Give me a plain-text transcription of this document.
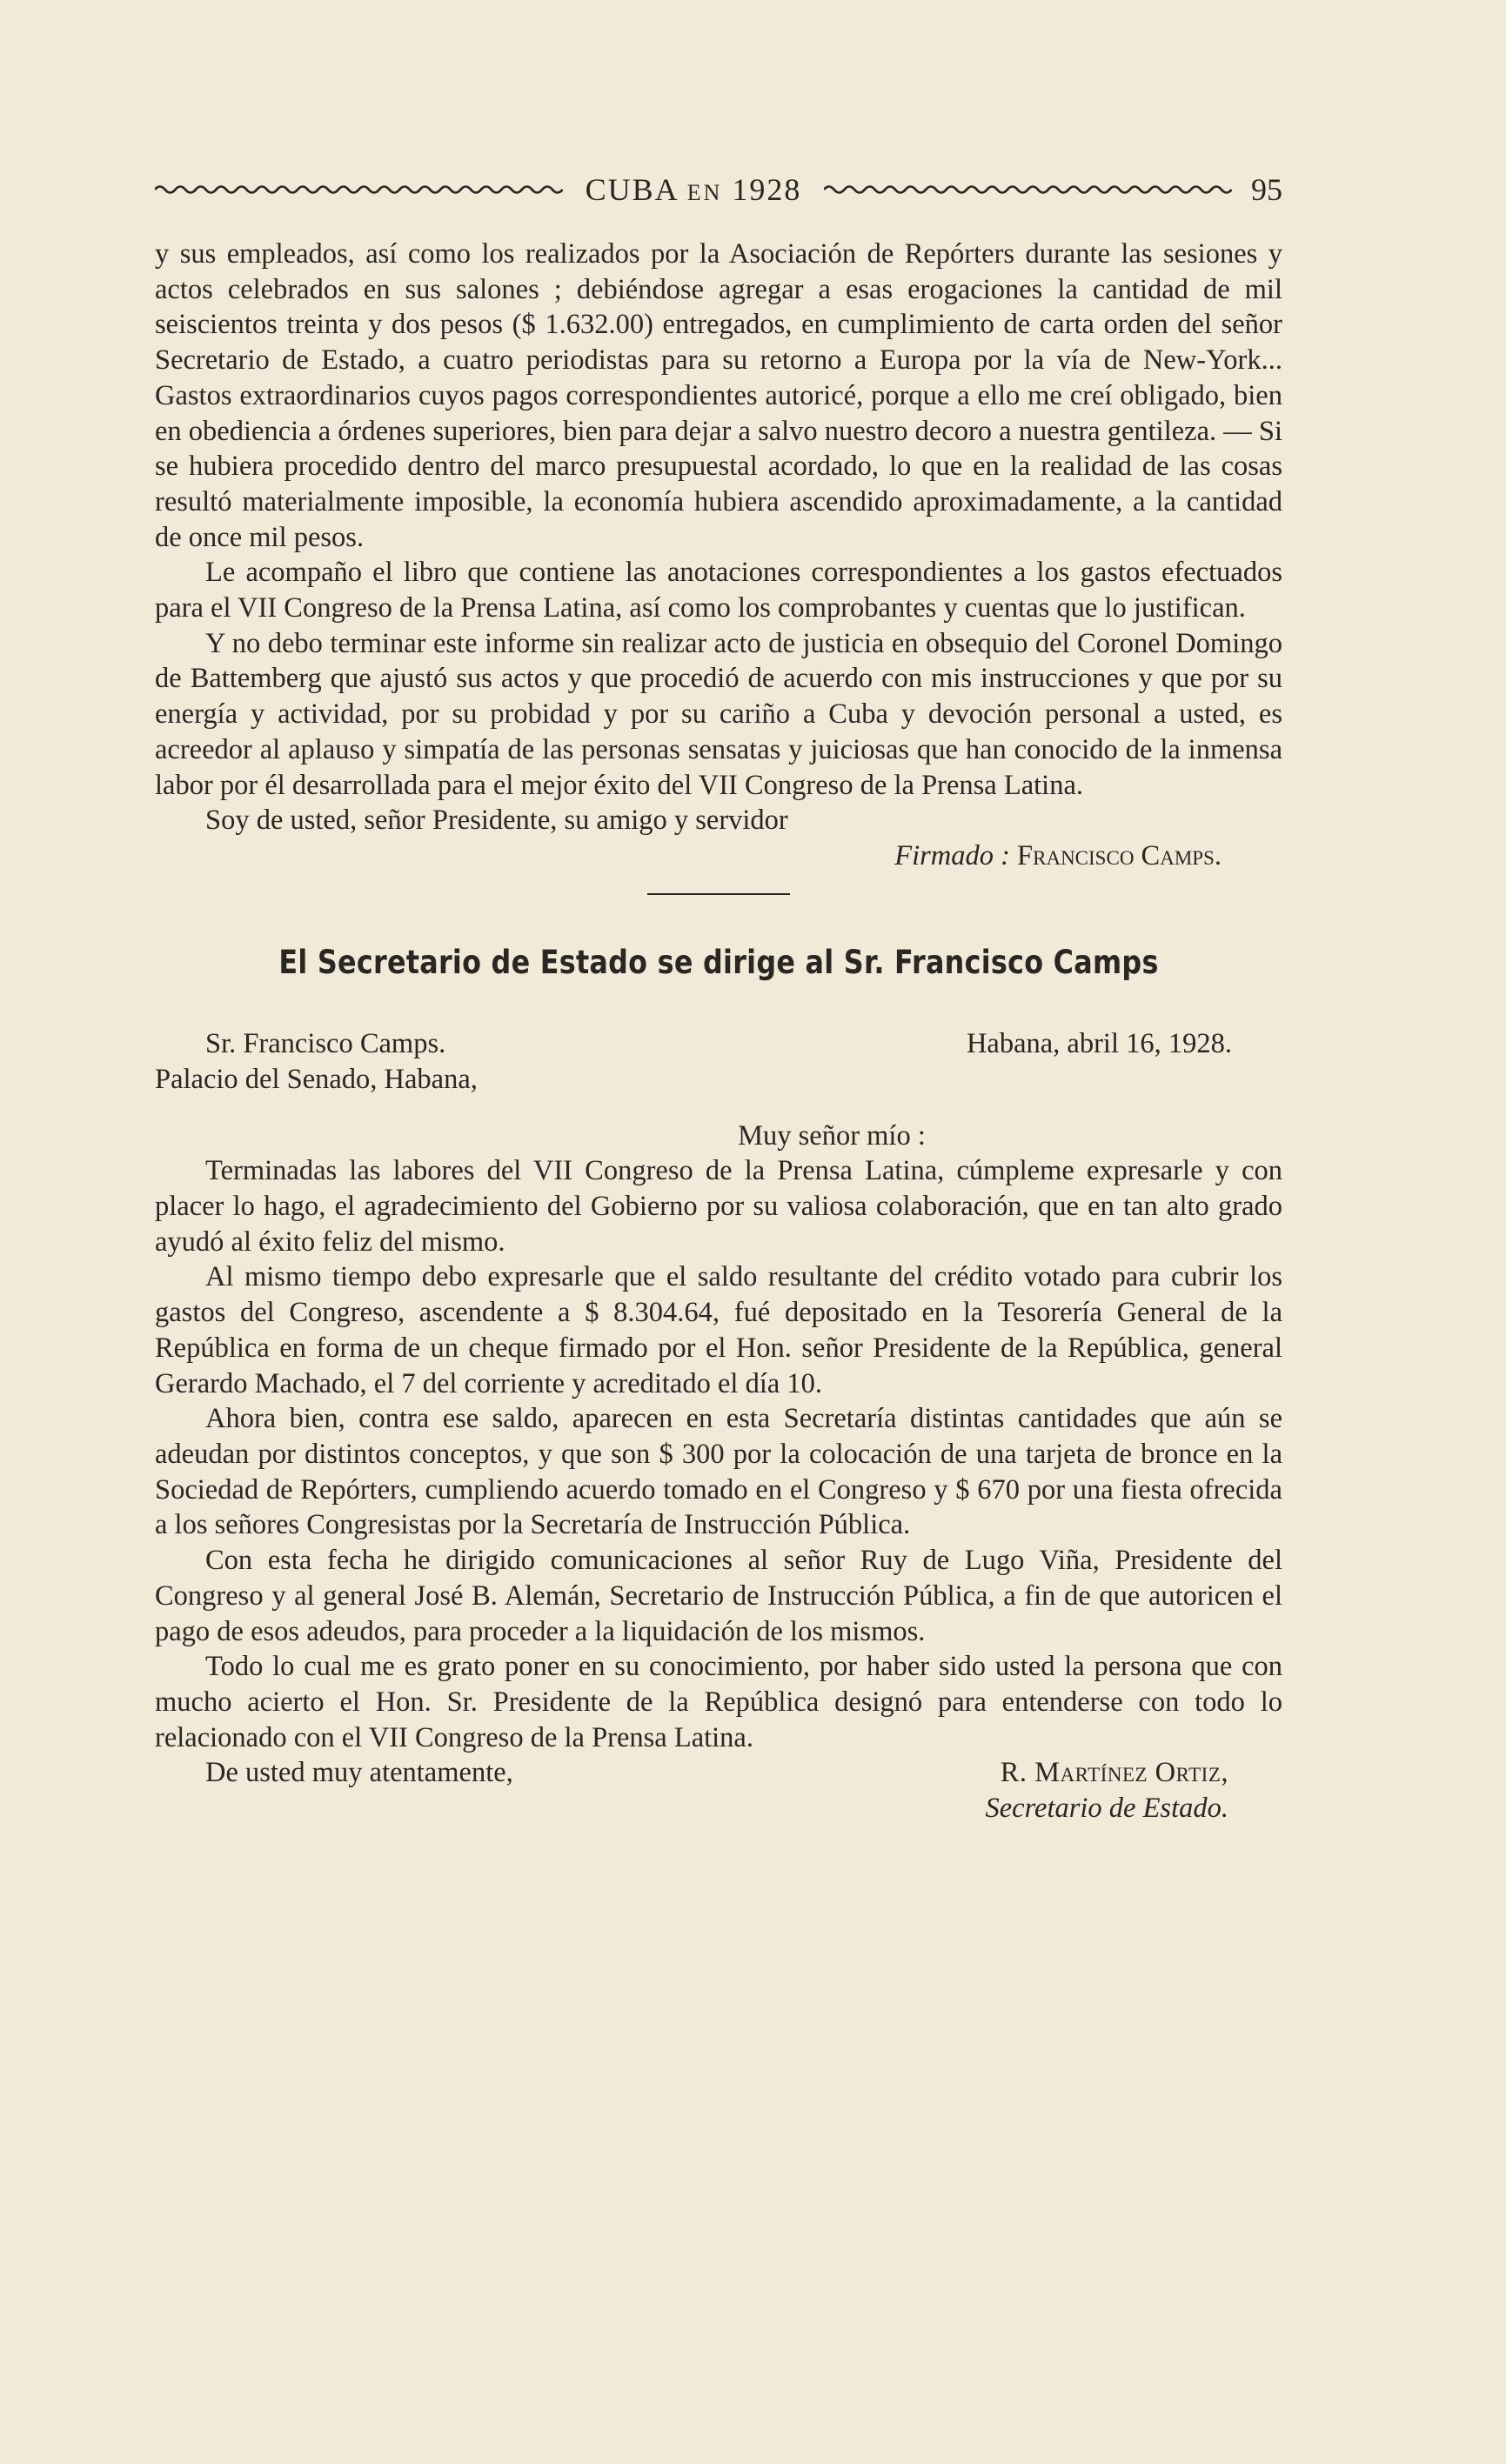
CUBA EN 1928	95

y sus empleados, así como los realizados por la Asociación de Repórters durante las sesiones y actos celebrados en sus salones ; debiéndose agregar a esas erogaciones la cantidad de mil seiscientos treinta y dos pesos ($ 1.632.00) entregados, en cumplimiento de carta orden del señor Secretario de Estado, a cuatro periodistas para su retorno a Europa por la vía de New-York... Gastos extraordinarios cuyos pagos correspondientes autoricé, porque a ello me creí obligado, bien en obediencia a órdenes superiores, bien para dejar a salvo nuestro decoro a nuestra gentileza. — Si se hubiera procedido dentro del marco presupuestal acordado, lo que en la realidad de las cosas resultó materialmente imposible, la economía hubiera ascendido aproximadamente, a la cantidad de once mil pesos.

Le acompaño el libro que contiene las anotaciones correspondientes a los gastos efectuados para el VII Congreso de la Prensa Latina, así como los comprobantes y cuentas que lo justifican.

Y no debo terminar este informe sin realizar acto de justicia en obsequio del Coronel Domingo de Battemberg que ajustó sus actos y que procedió de acuerdo con mis instrucciones y que por su energía y actividad, por su probidad y por su cariño a Cuba y devoción personal a usted, es acreedor al aplauso y simpatía de las personas sensatas y juiciosas que han conocido de la inmensa labor por él desarrollada para el mejor éxito del VII Congreso de la Prensa Latina.

Soy de usted, señor Presidente, su amigo y servidor

Firmado : Francisco Camps.
El Secretario de Estado se dirige al Sr. Francisco Camps
Sr. Francisco Camps.
Palacio del Senado, Habana,
Habana, abril 16, 1928.
Muy señor mío :

Terminadas las labores del VII Congreso de la Prensa Latina, cúmpleme expresarle y con placer lo hago, el agradecimiento del Gobierno por su valiosa colaboración, que en tan alto grado ayudó al éxito feliz del mismo.

Al mismo tiempo debo expresarle que el saldo resultante del crédito votado para cubrir los gastos del Congreso, ascendente a $ 8.304.64, fué depositado en la Tesorería General de la República en forma de un cheque firmado por el Hon. señor Presidente de la República, general Gerardo Machado, el 7 del corriente y acreditado el día 10.

Ahora bien, contra ese saldo, aparecen en esta Secretaría distintas cantidades que aún se adeudan por distintos conceptos, y que son $ 300 por la colocación de una tarjeta de bronce en la Sociedad de Repórters, cumpliendo acuerdo tomado en el Congreso y $ 670 por una fiesta ofrecida a los señores Congresistas por la Secretaría de Instrucción Pública.

Con esta fecha he dirigido comunicaciones al señor Ruy de Lugo Viña, Presidente del Congreso y al general José B. Alemán, Secretario de Instrucción Pública, a fin de que autoricen el pago de esos adeudos, para proceder a la liquidación de los mismos.

Todo lo cual me es grato poner en su conocimiento, por haber sido usted la persona que con mucho acierto el Hon. Sr. Presidente de la República designó para entenderse con todo lo relacionado con el VII Congreso de la Prensa Latina.

De usted muy atentamente,	R. Martínez Ortiz,
Secretario de Estado.
